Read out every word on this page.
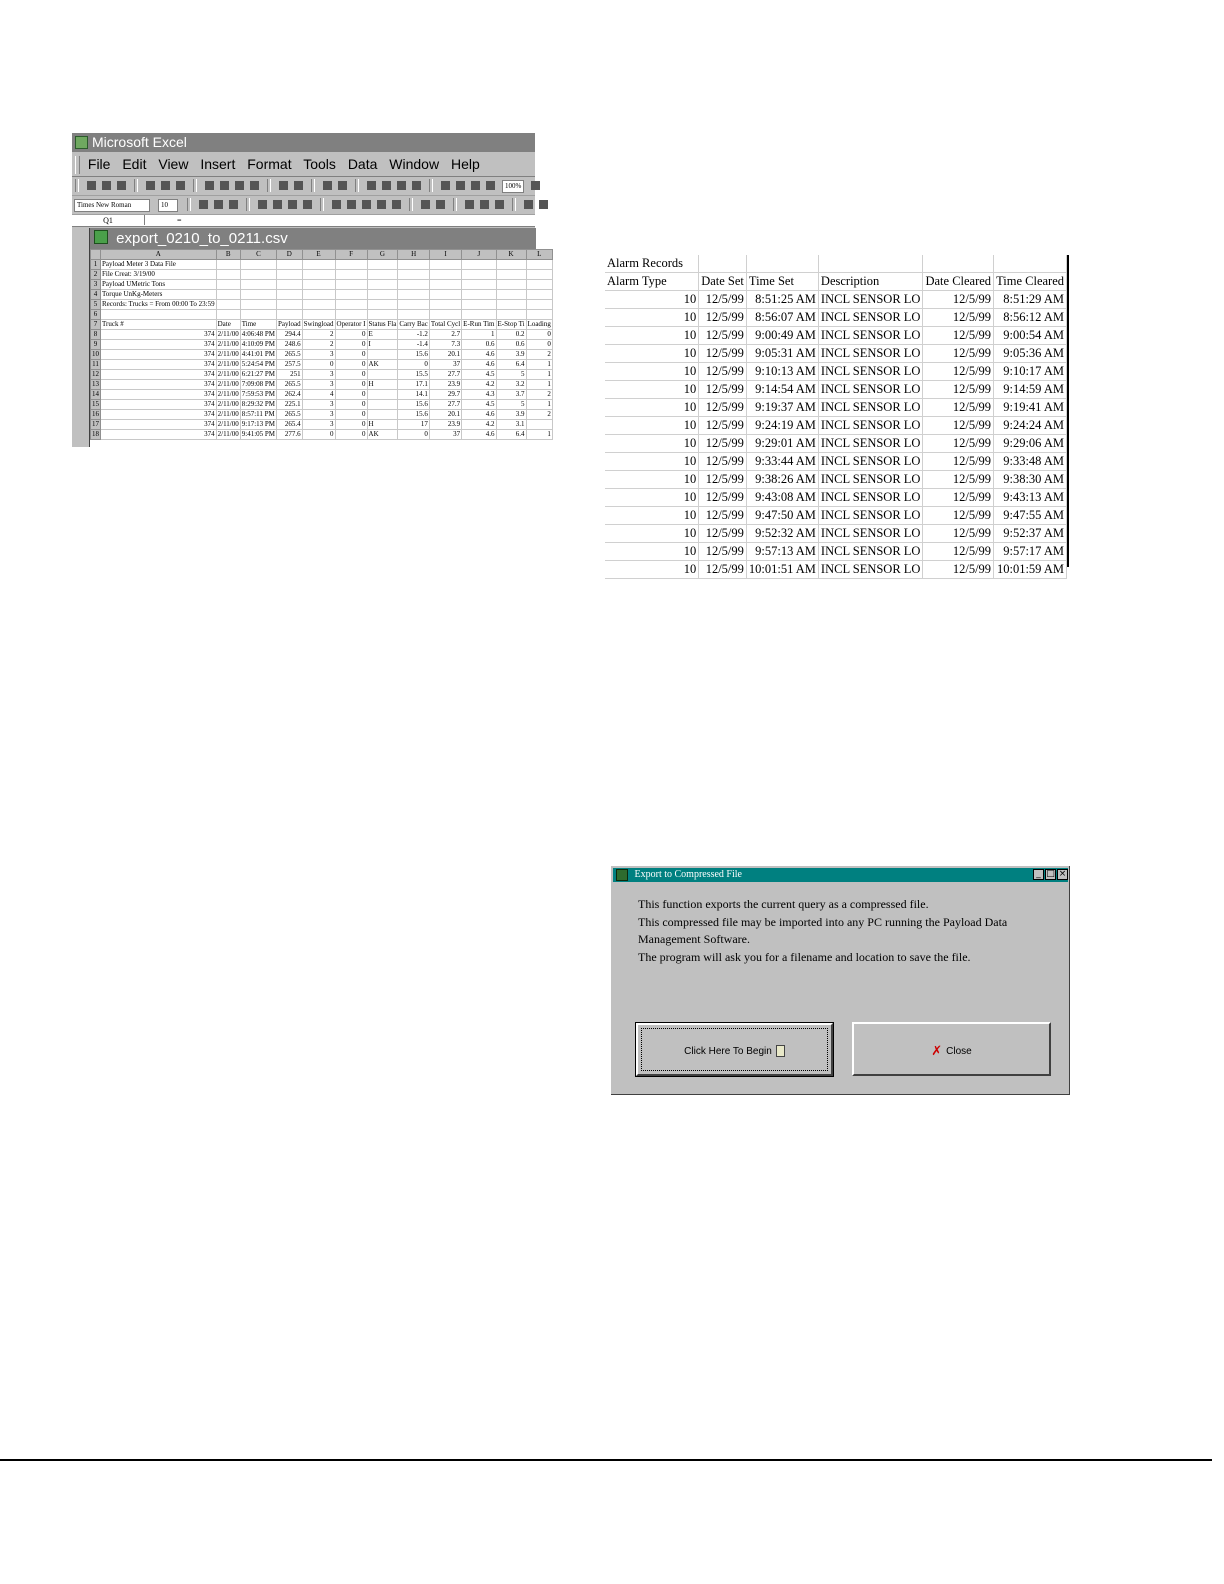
Microsoft Excel
File Edit View Insert Format Tools Data Window Help
100%
Times New Roman	10
Q1	=
export_0210_to_0211.csv
	A	B	C	D	E	F	G	H	I	J	K	L
1	Payload Meter 3 Data File											
2	File Creat: 3/19/00											
3	Payload UMetric Tons											
4	Torque UnKg-Meters											
5	Records: Trucks = From 00:00 To 23:59											
6												
7	Truck #	Date	Time	Payload	Swingload	Operator I	Status Fla	Carry Bac	Total Cycl	E-Run Tim	E-Stop Ti	Loading
8	374	2/11/00	4:06:48 PM	294.4	2	0	E	-1.2	2.7	1	0.2	0
9	374	2/11/00	4:10:09 PM	248.6	2	0	I	-1.4	7.3	0.6	0.6	0
10	374	2/11/00	4:41:01 PM	265.5	3	0		15.6	20.1	4.6	3.9	2
11	374	2/11/00	5:24:54 PM	257.5	0	0	AK	0	37	4.6	6.4	1
12	374	2/11/00	6:21:27 PM	251	3	0		15.5	27.7	4.5	5	1
13	374	2/11/00	7:09:08 PM	265.5	3	0	H	17.1	23.9	4.2	3.2	1
14	374	2/11/00	7:59:53 PM	262.4	4	0		14.1	29.7	4.3	3.7	2
15	374	2/11/00	8:29:32 PM	225.1	3	0		15.6	27.7	4.5	5	1
16	374	2/11/00	8:57:11 PM	265.5	3	0		15.6	20.1	4.6	3.9	2
17	374	2/11/00	9:17:13 PM	265.4	3	0	H	17	23.9	4.2	3.1	
18	374	2/11/00	9:41:05 PM	277.6	0	0	AK	0	37	4.6	6.4	1
Alarm Records					
Alarm Type	Date Set	Time Set	Description	Date Cleared	Time Cleared
10	12/5/99	8:51:25 AM	INCL SENSOR LO	12/5/99	8:51:29 AM
10	12/5/99	8:56:07 AM	INCL SENSOR LO	12/5/99	8:56:12 AM
10	12/5/99	9:00:49 AM	INCL SENSOR LO	12/5/99	9:00:54 AM
10	12/5/99	9:05:31 AM	INCL SENSOR LO	12/5/99	9:05:36 AM
10	12/5/99	9:10:13 AM	INCL SENSOR LO	12/5/99	9:10:17 AM
10	12/5/99	9:14:54 AM	INCL SENSOR LO	12/5/99	9:14:59 AM
10	12/5/99	9:19:37 AM	INCL SENSOR LO	12/5/99	9:19:41 AM
10	12/5/99	9:24:19 AM	INCL SENSOR LO	12/5/99	9:24:24 AM
10	12/5/99	9:29:01 AM	INCL SENSOR LO	12/5/99	9:29:06 AM
10	12/5/99	9:33:44 AM	INCL SENSOR LO	12/5/99	9:33:48 AM
10	12/5/99	9:38:26 AM	INCL SENSOR LO	12/5/99	9:38:30 AM
10	12/5/99	9:43:08 AM	INCL SENSOR LO	12/5/99	9:43:13 AM
10	12/5/99	9:47:50 AM	INCL SENSOR LO	12/5/99	9:47:55 AM
10	12/5/99	9:52:32 AM	INCL SENSOR LO	12/5/99	9:52:37 AM
10	12/5/99	9:57:13 AM	INCL SENSOR LO	12/5/99	9:57:17 AM
10	12/5/99	10:01:51 AM	INCL SENSOR LO	12/5/99	10:01:59 AM
Export to Compressed File	_ □ ×
This function exports the current query as a compressed file.
This compressed file may be imported into any PC running the Payload Data
Management Software.
The program will ask you for a filename and location to save the file.
Click Here To Begin	✗ Close
